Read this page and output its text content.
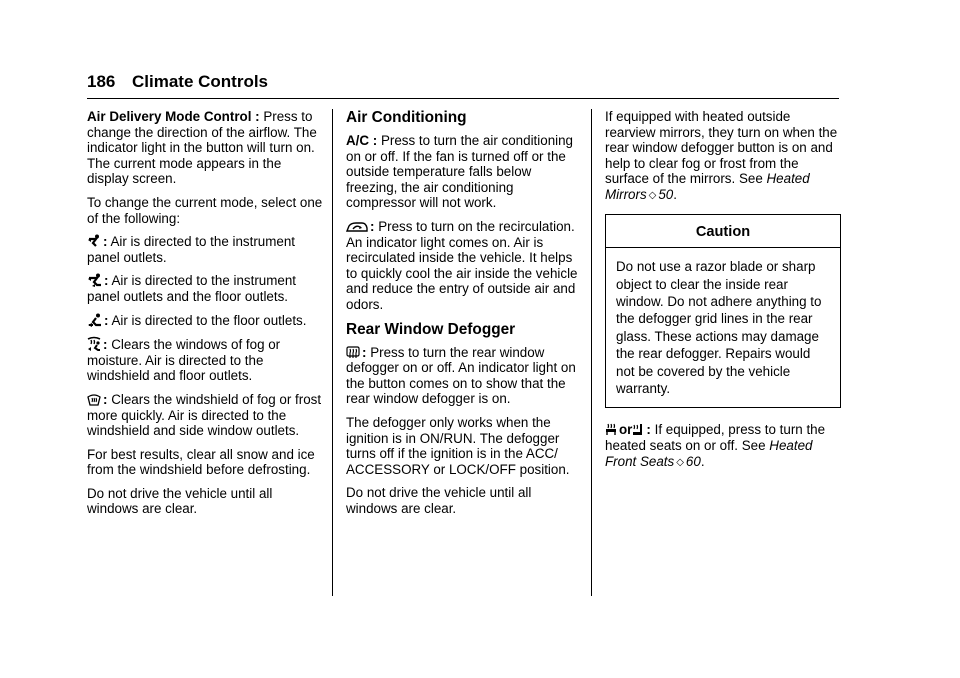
186 Climate Controls

Air Delivery Mode Control : Press to change the direction of the airflow. The indicator light in the button will turn on. The current mode appears in the display screen.

To change the current mode, select one of the following:

: Air is directed to the instrument panel outlets.

: Air is directed to the instrument panel outlets and the floor outlets.

: Air is directed to the floor outlets.

: Clears the windows of fog or moisture. Air is directed to the windshield and floor outlets.

: Clears the windshield of fog or frost more quickly. Air is directed to the windshield and side window outlets.

For best results, clear all snow and ice from the windshield before defrosting.

Do not drive the vehicle until all windows are clear.

Air Conditioning

A/C : Press to turn the air conditioning on or off. If the fan is turned off or the outside temperature falls below freezing, the air conditioning compressor will not work.

: Press to turn on the recirculation. An indicator light comes on. Air is recirculated inside the vehicle. It helps to quickly cool the air inside the vehicle and reduce the entry of outside air and odors.

Rear Window Defogger

: Press to turn the rear window defogger on or off. An indicator light on the button comes on to show that the rear window defogger is on.

The defogger only works when the ignition is in ON/RUN. The defogger turns off if the ignition is in the ACC/ ACCESSORY or LOCK/OFF position.

Do not drive the vehicle until all windows are clear.

If equipped with heated outside rearview mirrors, they turn on when the rear window defogger button is on and help to clear fog or frost from the surface of the mirrors. See Heated Mirrors ◇ 50.

Caution
Do not use a razor blade or sharp object to clear the inside rear window. Do not adhere anything to the defogger grid lines in the rear glass. These actions may damage the rear defogger. Repairs would not be covered by the vehicle warranty.

or : If equipped, press to turn the heated seats on or off. See Heated Front Seats ◇ 60.
